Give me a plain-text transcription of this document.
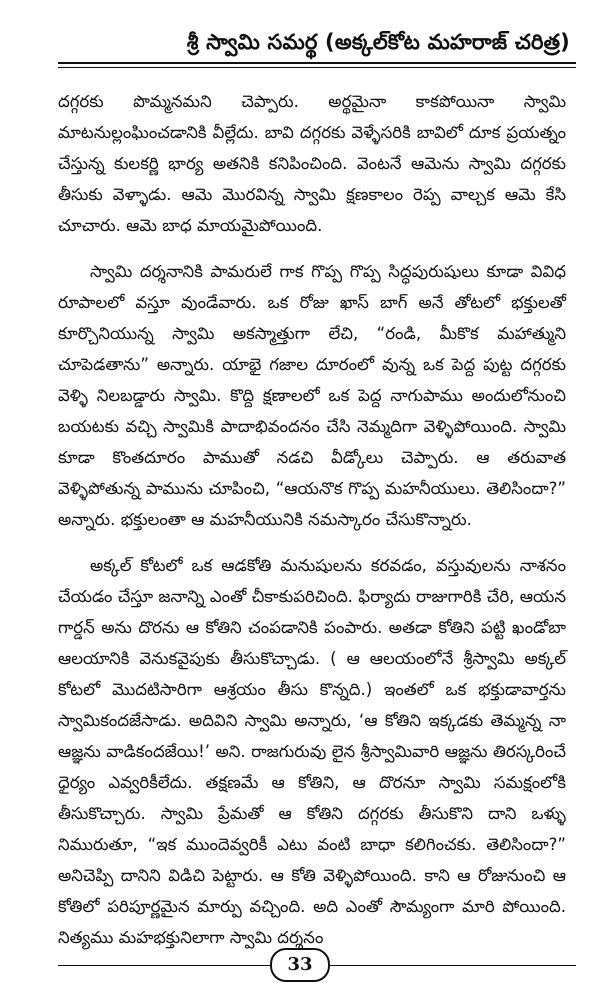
శ్రీ స్వామి సమర్థ (అక్కల్‌కోట మహరాజ్ చరిత్ర)

దగ్గరకు పొమ్మనమని చెప్పారు. అర్థమైనా కాకపోయినా స్వామి మాటనుల్లంఘించడానికి వీల్లేదు. బావి దగ్గరకు వెళ్ళేసరికి బావిలో దూక ప్రయత్నం చేస్తున్న కులకర్ణి భార్య అతనికి కనిపించింది. వెంటనే ఆమెను స్వామి దగ్గరకు తీసుకు వెళ్ళాడు. ఆమె మొరవిన్న స్వామి క్షణకాలం రెప్ప వాల్చక ఆమె కేసి చూచారు. ఆమె బాధ మాయమైపోయింది.

స్వామి దర్శనానికి పామరులే గాక గొప్ప గొప్ప సిద్ధపురుషులు కూడా వివిధ రూపాలలో వస్తూ వుండేవారు. ఒక రోజు ఖాస్ బాగ్ అనే తోటలో భక్తులతో కూర్చొనియున్న స్వామి అకస్మాత్తుగా లేచి, “రండి, మీకొక మహాత్ముని చూపెడతాను” అన్నారు. యాభై గజాల దూరంలో వున్న ఒక పెద్ద పుట్ట దగ్గరకు వెళ్ళి నిలబడ్డారు స్వామి. కొద్ది క్షణాలలో ఒక పెద్ద నాగుపాము అందులోనుంచి బయటకు వచ్చి స్వామికి పాదాభివందనం చేసి నెమ్మదిగా వెళ్ళిపోయింది. స్వామి కూడా కొంతదూరం పాముతో నడచి వీడ్కోలు చెప్పారు. ఆ తరువాత వెళ్ళిపోతున్న పామును చూపించి, “ఆయనొక గొప్ప మహనీయులు. తెలిసిందా?” అన్నారు. భక్తులంతా ఆ మహనీయునికి నమస్కారం చేసుకొన్నారు.

అక్కల్ కోటలో ఒక ఆడకోతి మనుషులను కరవడం, వస్తువులను నాశనం చేయడం చేస్తూ జనాన్ని ఎంతో చీకాకుపరిచింది. ఫిర్యాదు రాజుగారికి చేరి, ఆయన గార్డన్ అను దొరను ఆ కోతిని చంపడానికి పంపారు. అతడా కోతిని పట్టి ఖండోబా ఆలయానికి వెనుకవైపుకు తీసుకొచ్చాడు. ( ఆ ఆలయంలోనే శ్రీస్వామి అక్కల్ కోటలో మొదటిసారిగా ఆశ్రయం తీసు కొన్నది.) ఇంతలో ఒక భక్తుడావార్తను స్వామికందజేసాడు. అదివిని స్వామి అన్నారు, ‘ఆ కోతిని ఇక్కడకు తెమ్మన్న నా ఆజ్ఞను వాడికందజేయి!’ అని. రాజగురువు లైన శ్రీస్వామివారి ఆజ్ఞను తిరస్కరించే ధైర్యం ఎవ్వరికీలేదు. తక్షణమే ఆ కోతిని, ఆ దొరనూ స్వామి సమక్షంలోకి తీసుకొచ్చారు. స్వామి ప్రేమతో ఆ కోతిని దగ్గరకు తీసుకొని దాని ఒళ్ళు నిమురుతూ, “ఇక ముందెవ్వరికీ ఎటు వంటి బాధా కలిగించకు. తెలిసిందా?” అనిచెప్పి దానిని విడిచి పెట్టారు. ఆ కోతి వెళ్ళిపోయింది. కాని ఆ రోజునుంచి ఆ కోతిలో పరిపూర్ణమైన మార్పు వచ్చింది. అది ఎంతో సౌమ్యంగా మారి పోయింది. నిత్యము మహభక్తునిలాగా స్వామి దర్శనం

33
